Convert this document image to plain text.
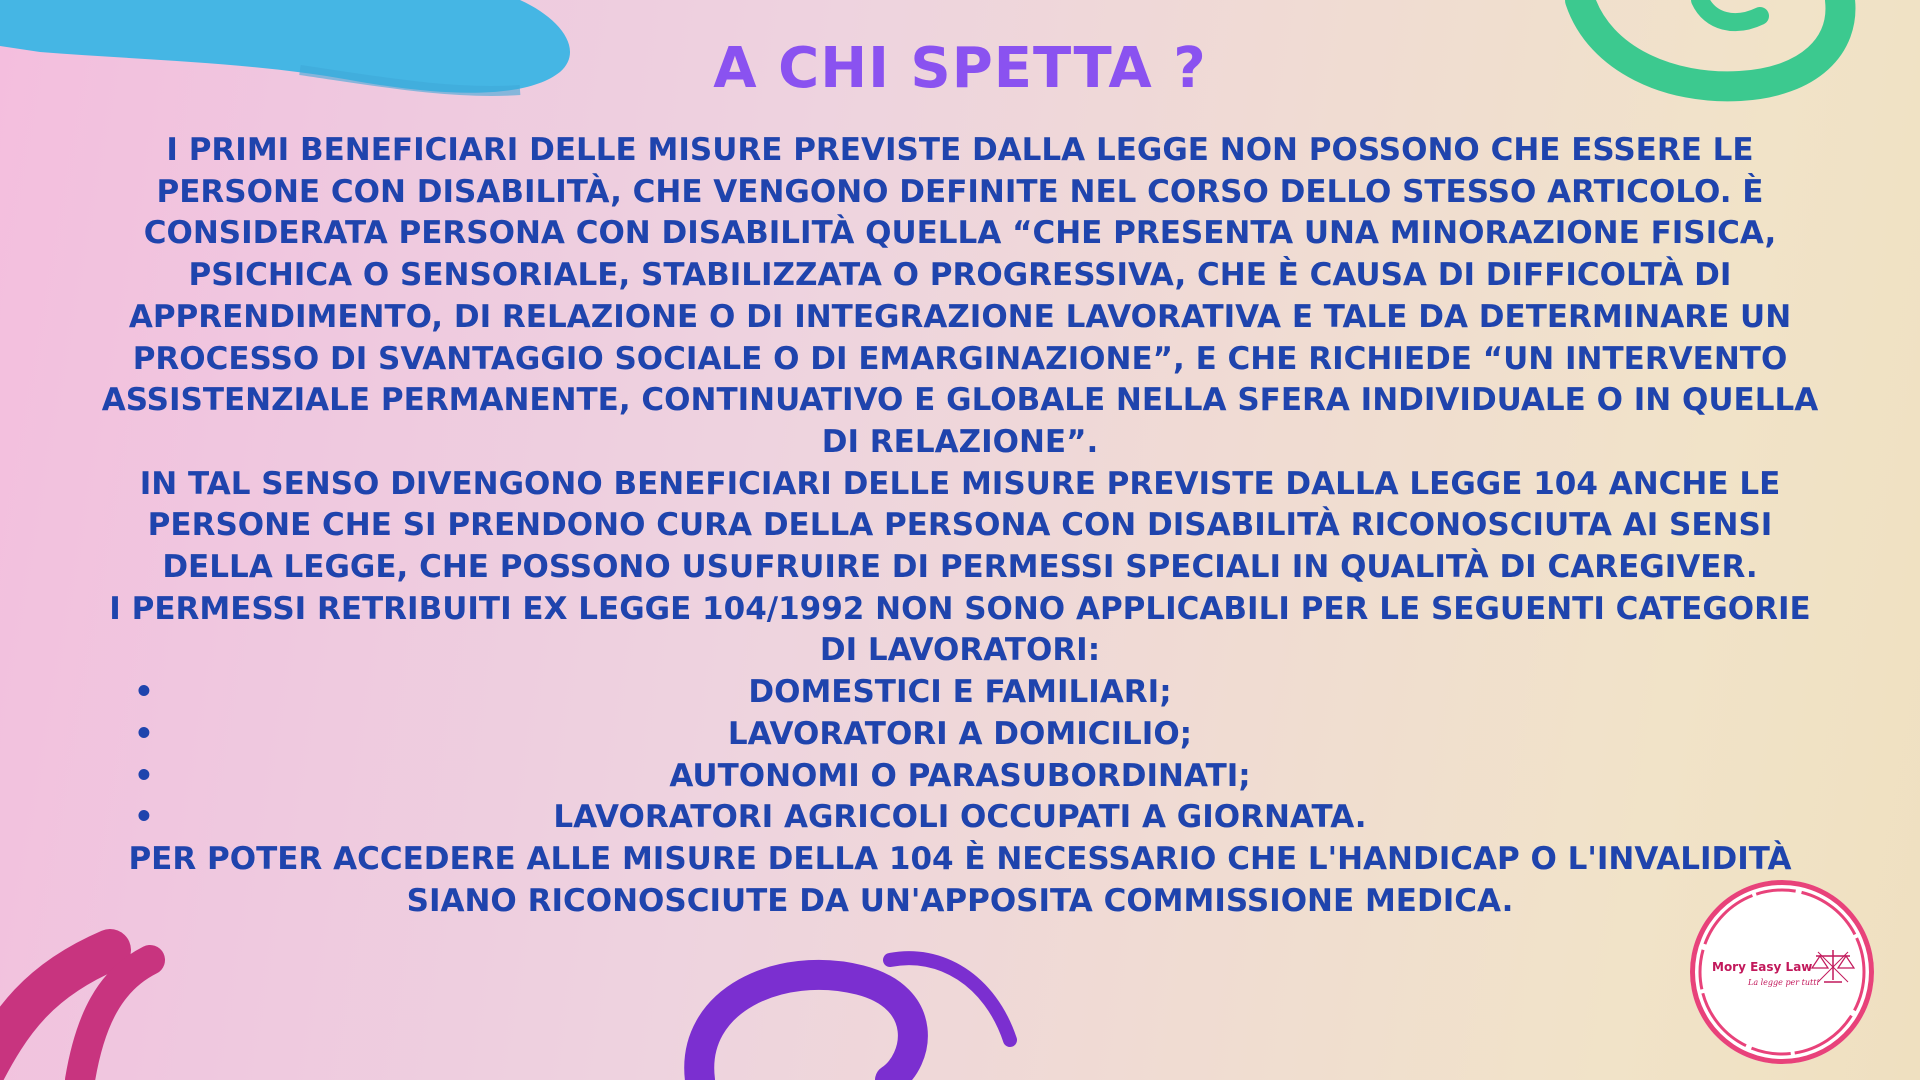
A CHI SPETTA ?

I PRIMI BENEFICIARI DELLE MISURE PREVISTE DALLA LEGGE NON POSSONO CHE ESSERE LE PERSONE CON DISABILITÀ, CHE VENGONO DEFINITE NEL CORSO DELLO STESSO ARTICOLO. È CONSIDERATA PERSONA CON DISABILITÀ QUELLA “CHE PRESENTA UNA MINORAZIONE FISICA, PSICHICA O SENSORIALE, STABILIZZATA O PROGRESSIVA, CHE È CAUSA DI DIFFICOLTÀ DI APPRENDIMENTO, DI RELAZIONE O DI INTEGRAZIONE LAVORATIVA E TALE DA DETERMINARE UN PROCESSO DI SVANTAGGIO SOCIALE O DI EMARGINAZIONE”, E CHE RICHIEDE “UN INTERVENTO ASSISTENZIALE PERMANENTE, CONTINUATIVO E GLOBALE NELLA SFERA INDIVIDUALE O IN QUELLA DI RELAZIONE”.

IN TAL SENSO DIVENGONO BENEFICIARI DELLE MISURE PREVISTE DALLA LEGGE 104 ANCHE LE PERSONE CHE SI PRENDONO CURA DELLA PERSONA CON DISABILITÀ RICONOSCIUTA AI SENSI DELLA LEGGE, CHE POSSONO USUFRUIRE DI PERMESSI SPECIALI IN QUALITÀ DI CAREGIVER.

I PERMESSI RETRIBUITI EX LEGGE 104/1992 NON SONO APPLICABILI PER LE SEGUENTI CATEGORIE DI LAVORATORI:

•	DOMESTICI E FAMILIARI;
•	LAVORATORI A DOMICILIO;
•	AUTONOMI O PARASUBORDINATI;
•	LAVORATORI AGRICOLI OCCUPATI A GIORNATA.

PER POTER ACCEDERE ALLE MISURE DELLA 104 È NECESSARIO CHE L'HANDICAP O L'INVALIDITÀ SIANO RICONOSCIUTE DA UN'APPOSITA COMMISSIONE MEDICA.

Mory Easy Law
La legge per tutti
